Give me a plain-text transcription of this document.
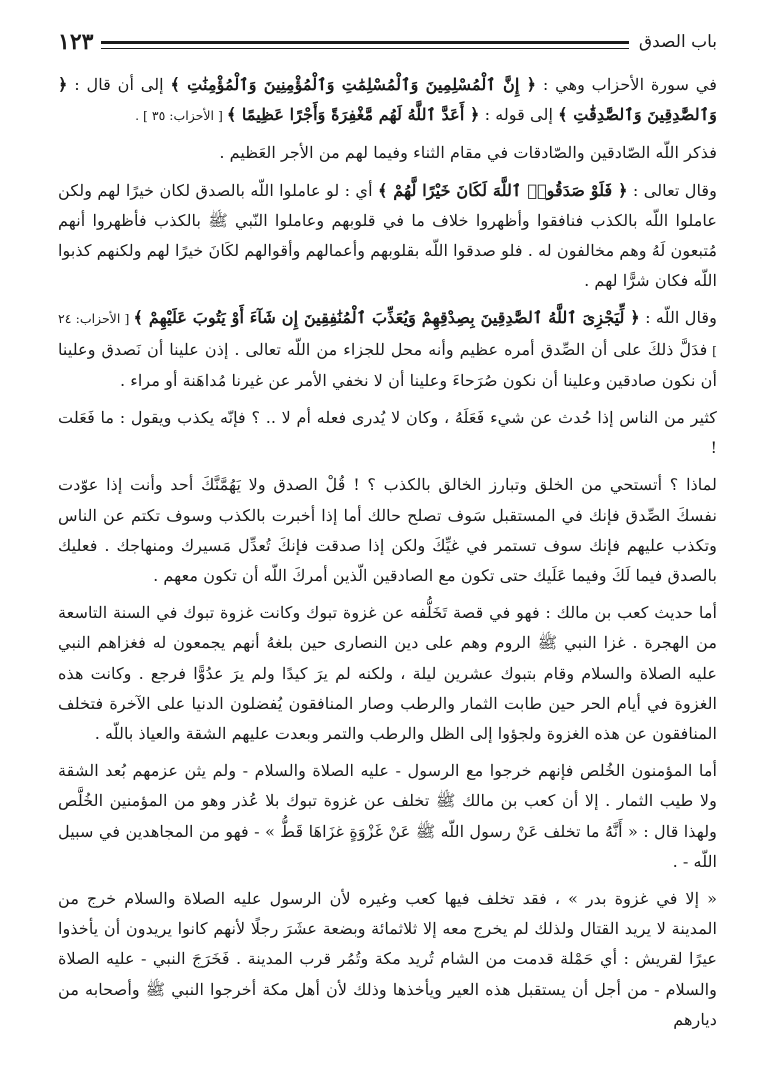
باب الصدق
١٢٣

في سورة الأحزاب وهي : ﴿ إِنَّ ٱلْمُسْلِمِينَ وَٱلْمُسْلِمَٰتِ وَٱلْمُؤْمِنِينَ وَٱلْمُؤْمِنَٰتِ ﴾ إلى أن قال : ﴿ وَٱلصَّٰدِقِينَ وَٱلصَّٰدِقَٰتِ ﴾ إلى قوله : ﴿ أَعَدَّ ٱللَّهُ لَهُم مَّغْفِرَةً وَأَجْرًا عَظِيمًا ﴾ [ الأحزاب: ٣٥ ] .

فذكر اللّه الصّادقين والصّادقات في مقام الثناء وفيما لهم من الأجر العَظيم .

وقال تعالى : ﴿ فَلَوْ صَدَقُوا۟ ٱللَّهَ لَكَانَ خَيْرًا لَّهُمْ ﴾ أي : لو عاملوا اللّه بالصدق لكان خيرًا لهم ولكن عاملوا اللّه بالكذب فنافقوا وأظهروا خلاف ما في قلوبهم وعاملوا النّبي ﷺ بالكذب فأظهروا أنهم مُتبعون لَهُ وهم مخالفون له . فلو صدقوا اللّه بقلوبهم وأعمالهم وأقوالهم لكَانَ خيرًا لهم ولكنهم كذبوا اللّه فكان شرًّا لهم .

وقال اللّه : ﴿ لِّيَجْزِىَ ٱللَّهُ ٱلصَّٰدِقِينَ بِصِدْقِهِمْ وَيُعَذِّبَ ٱلْمُنَٰفِقِينَ إِن شَآءَ أَوْ يَتُوبَ عَلَيْهِمْ ﴾ [ الأحزاب: ٢٤ ] فدَلَّ ذلكَ على أن الصِّدق أمره عظيم وأنه محل للجزاء من اللّه تعالى . إذن علينا أن نَصدق وعلينا أن نكون صادقين وعلينا أن نكون صُرَحاءَ وعلينا أن لا نخفي الأمر عن غيرنا مُداهَنة أو مراء .

كثير من الناس إذا حُدث عن شيء فَعَلَهُ ، وكان لا يُدرى فعله أم لا .. ؟ فإنّه يكذب ويقول : ما فَعَلت !

لماذا ؟ أتستحي من الخلق وتبارز الخالق بالكذب ؟ ! قُلْ الصدق ولا يَهُمَّنَّكَ أحد وأنت إذا عوّدت نفسكَ الصِّدق فإنك في المستقبل سَوف تصلح حالك أما إذا أخبرت بالكذب وسوف تكتم عن الناس وتكذب عليهم فإنك سوف تستمر في غيِّكَ ولكن إذا صدقت فإنكَ تُعدِّل مَسيرك ومنهاجك . فعليك بالصدق فيما لَكَ وفيما عَلَيك حتى تكون مع الصادقين الّذين أمركَ اللّه أن تكون معهم .

أما حديث كعب بن مالك : فهو في قصة تَخَلُّفه عن غزوة تبوك وكانت غزوة تبوك في السنة التاسعة من الهجرة . غزا النبي ﷺ الروم وهم على دين النصارى حين بلغهُ أنهم يجمعون له فغزاهم النبي عليه الصلاة والسلام وقام بتبوك عشرين ليلة ، ولكنه لم يرَ كيدًا ولم يرَ عدُوًّا فرجع . وكانت هذه الغزوة في أيام الحر حين طابت الثمار والرطب وصار المنافقون يُفضلون الدنيا على الآخرة فتخلف المنافقون عن هذه الغزوة ولجؤوا إلى الظل والرطب والتمر وبعدت عليهم الشقة والعياذ باللّه .

أما المؤمنون الخُلص فإنهم خرجوا مع الرسول - عليه الصلاة والسلام - ولم يثن عزمهم بُعد الشقة ولا طيب الثمار . إلا أن كعب بن مالك ﷺ تخلف عن غزوة تبوك بلا عُذر وهو من المؤمنين الخُلَّص ولهذا قال : « أَنَّهُ ما تخلف عَنْ رسول اللّه ﷺ عَنْ غَزْوَةٍ غزَاهَا قَطُّ » - فهو من المجاهدين في سبيل اللّه - .

« إلا في غزوة بدر » ، فقد تخلف فيها كعب وغيره لأن الرسول عليه الصلاة والسلام خرج من المدينة لا يريد القتال ولذلك لم يخرج معه إلا ثلاثمائة وبضعة عشَرَ رجلًا لأنهم كانوا يريدون أن يأخذوا عيرًا لقريش : أي حَمْلة قدمت من الشام تُريد مكة وتُمُر قرب المدينة . فَخَرَجَ النبي - عليه الصلاة والسلام - من أجل أن يستقبل هذه العير ويأخذها وذلك لأن أهل مكة أخرجوا النبي ﷺ وأصحابه من ديارهم
